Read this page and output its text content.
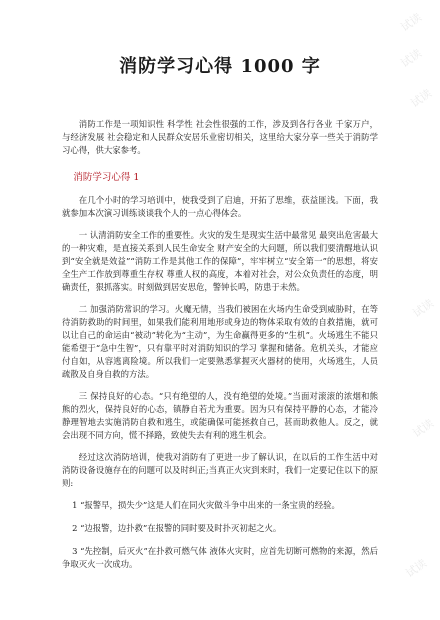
消防学习心得 1000 字

消防工作是一项知识性 科学性 社会性很强的工作，涉及到各行各业 千家万户，与经济发展 社会稳定和人民群众安居乐业密切相关，这里给大家分享一些关于消防学习心得，供大家参考。

消防学习心得 1

在几个小时的学习培训中，使我受到了启迪，开拓了思维，获益匪浅。下面，我就参加本次演习训练谈谈我个人的一点心得体会。

一 认清消防安全工作的重要性。火灾的发生是现实生活中最常见 最突出危害最大的一种灾难，是直接关系到人民生命安全 财产安全的大问题，所以我们要清醒地认识到“安全就是效益”“消防工作是其他工作的保障”，牢牢树立“安全第一”的思想，将安全生产工作放到尊重生存权 尊重人权的高度，本着对社会，对公众负责任的态度，明确责任，狠抓落实。时刻做到居安思危，警钟长鸣，防患于未然。

二 加强消防常识的学习。火魔无情，当我们被困在火场内生命受到威胁时，在等待消防救助的时间里，如果我们能利用地形或身边的物体采取有效的自救措施，就可以让自己的命运由“被动”转化为“主动”，为生命赢得更多的“生机”。火场逃生不能只能希望于“急中生智”，只有靠平时对消防知识的学习 掌握和储备。危机关头，才能应付自如，从容逃离险境。所以我们一定要熟悉掌握灭火器材的使用，火场逃生，人员疏散及自身自救的方法。

三 保持良好的心态。“只有绝望的人，没有绝望的处境。”当面对滚滚的浓烟和熊熊的烈火，保持良好的心态，镇静自若尤为重要。因为只有保持平静的心态，才能冷静理智地去实施消防自救和逃生，或能确保可能拯救自己，甚而助救他人。反之，就会出现不同方向，慌不择路，致使失去有利的逃生机会。

经过这次消防培训，使我对消防有了更进一步了解认识，在以后的工作生活中对消防设备设施存在的问题可以及时纠正;当真正火灾到来时，我们一定要记住以下的原则:

1 “报警早，损失少”这是人们在同火灾做斗争中出来的一条宝贵的经验。

2 “边报警，边扑救”在报警的同时要及时扑灭初起之火。

3 “先控制，后灭火”在扑救可燃气体 液体火灾时，应首先切断可燃物的来源，然后争取灭火一次成功。

试读
试读
试读
试读
试读
试读
